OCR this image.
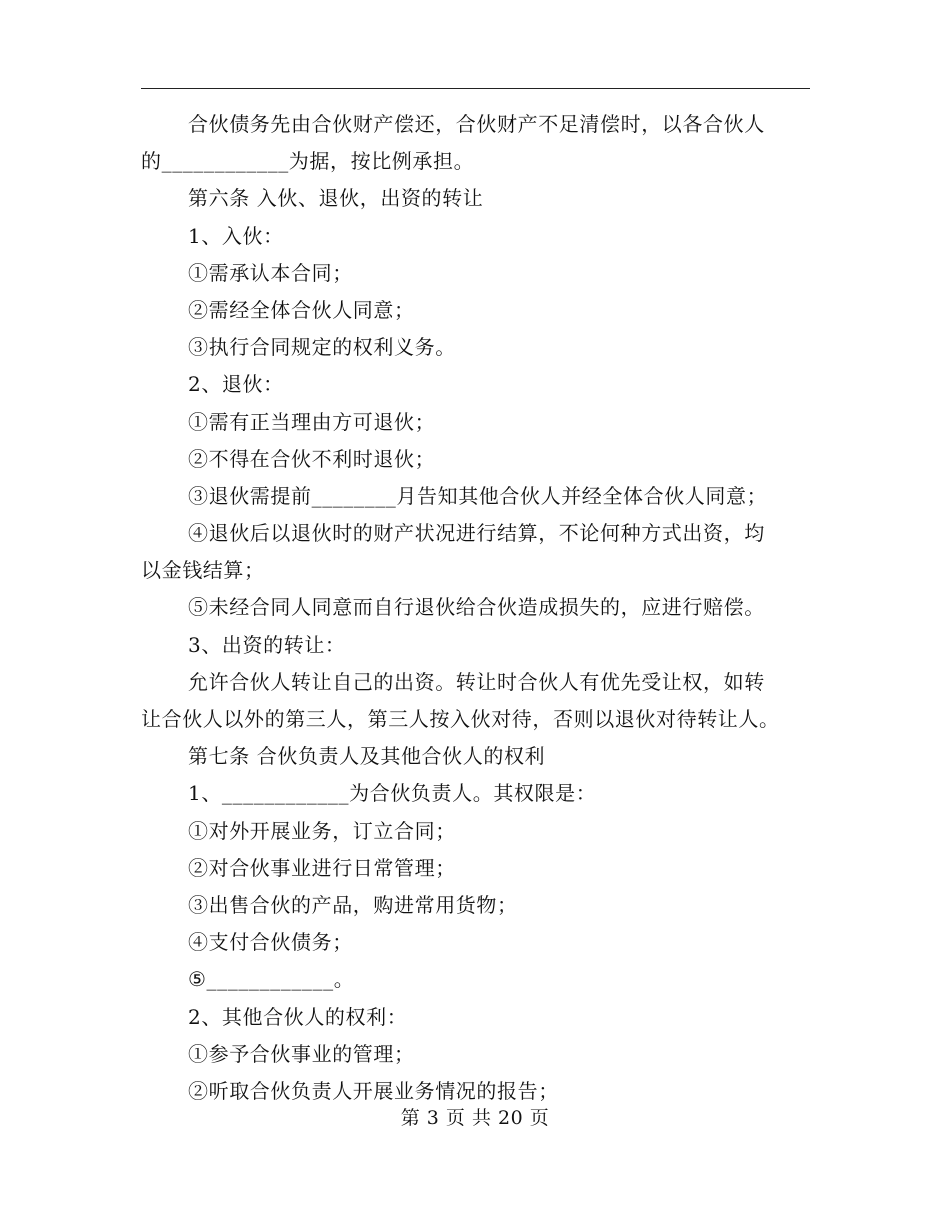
合伙债务先由合伙财产偿还，合伙财产不足清偿时，以各合伙人
的____________为据，按比例承担。
第六条 入伙、退伙，出资的转让
1、入伙：
①需承认本合同；
②需经全体合伙人同意；
③执行合同规定的权利义务。
2、退伙：
①需有正当理由方可退伙；
②不得在合伙不利时退伙；
③退伙需提前________月告知其他合伙人并经全体合伙人同意；
④退伙后以退伙时的财产状况进行结算，不论何种方式出资，均
以金钱结算；
⑤未经合同人同意而自行退伙给合伙造成损失的，应进行赔偿。
3、出资的转让：
允许合伙人转让自己的出资。转让时合伙人有优先受让权，如转
让合伙人以外的第三人，第三人按入伙对待，否则以退伙对待转让人。
第七条 合伙负责人及其他合伙人的权利
1、____________为合伙负责人。其权限是：
①对外开展业务，订立合同；
②对合伙事业进行日常管理；
③出售合伙的产品，购进常用货物；
④支付合伙债务；
⑤____________。
2、其他合伙人的权利：
①参予合伙事业的管理；
②听取合伙负责人开展业务情况的报告；
第 3 页 共 20 页
